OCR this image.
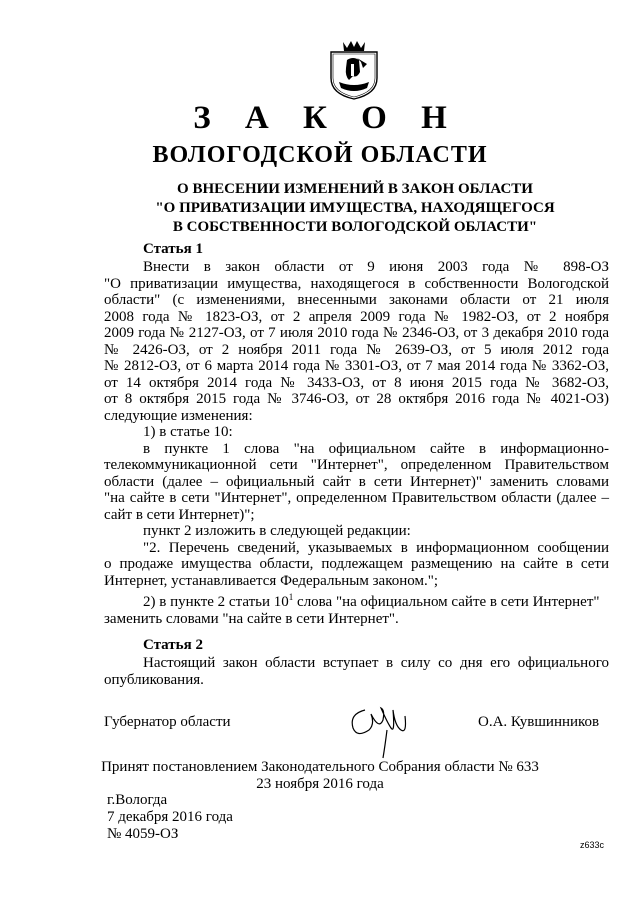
З А К О Н
ВОЛОГОДСКОЙ ОБЛАСТИ
О ВНЕСЕНИИ ИЗМЕНЕНИЙ В ЗАКОН ОБЛАСТИ
"О ПРИВАТИЗАЦИИ ИМУЩЕСТВА, НАХОДЯЩЕГОСЯ
В СОБСТВЕННОСТИ ВОЛОГОДСКОЙ ОБЛАСТИ"
Статья 1
Внести в закон области от 9 июня 2003 года № 898-ОЗ
"О приватизации имущества, находящегося в собственности Вологодской
области" (с изменениями, внесенными законами области от 21 июля
2008 года № 1823-ОЗ, от 2 апреля 2009 года № 1982-ОЗ, от 2 ноября
2009 года № 2127-ОЗ, от 7 июля 2010 года № 2346-ОЗ, от 3 декабря 2010 года
№ 2426-ОЗ, от 2 ноября 2011 года № 2639-ОЗ, от 5 июля 2012 года
№ 2812-ОЗ, от 6 марта 2014 года № 3301-ОЗ, от 7 мая 2014 года № 3362-ОЗ,
от 14 октября 2014 года № 3433-ОЗ, от 8 июня 2015 года № 3682-ОЗ,
от 8 октября 2015 года № 3746-ОЗ, от 28 октября 2016 года № 4021-ОЗ)
следующие изменения:
1) в статье 10:
в пункте 1 слова "на официальном сайте в информационно-
телекоммуникационной сети "Интернет", определенном Правительством
области (далее – официальный сайт в сети Интернет)" заменить словами
"на сайте в сети "Интернет", определенном Правительством области (далее –
сайт в сети Интернет)";
пункт 2 изложить в следующей редакции:
"2. Перечень сведений, указываемых в информационном сообщении
о продаже имущества области, подлежащем размещению на сайте в сети
Интернет, устанавливается Федеральным законом.";
2) в пункте 2 статьи $10^1$ слова "на официальном сайте в сети Интернет"
заменить словами "на сайте в сети Интернет".
Статья 2
Настоящий закон области вступает в силу со дня его официального
опубликования.
Губернатор области	О.А. Кувшинников
Принят постановлением Законодательного Собрания области № 633
23 ноября 2016 года
г.Вологда
7 декабря 2016 года
№ 4059-ОЗ
z633c
